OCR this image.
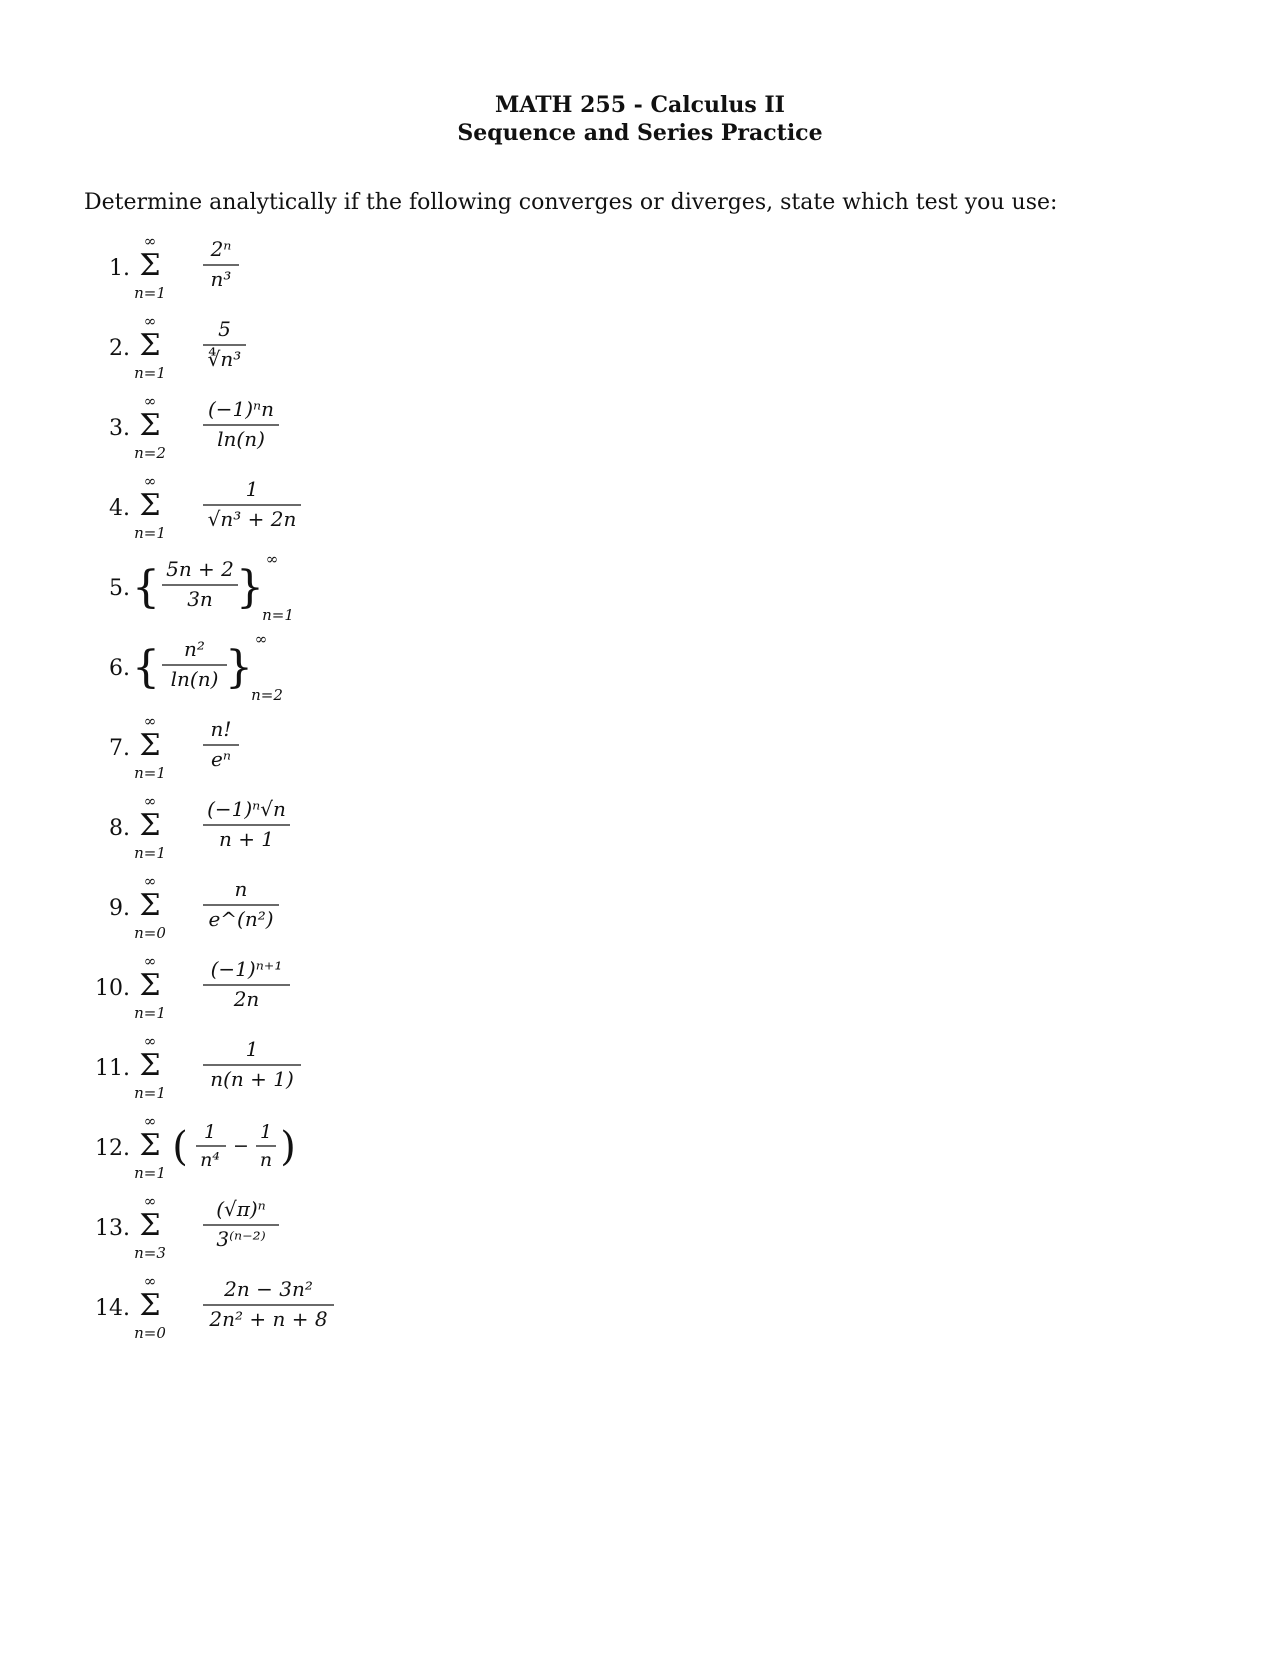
MATH 255 - Calculus II
Sequence and Series Practice
Determine analytically if the following converges or diverges, state which test you use:
1.
∞
Σ
n=1
2ⁿ
n³
2.
∞
Σ
n=1
5
∜n³
3.
∞
Σ
n=2
(−1)ⁿn
ln(n)
4.
∞
Σ
n=1
1
√n³ + 2n
5. { 5n + 2
3n }
∞
n=1
6. { n²
ln(n) }
∞
n=2
7.
∞
Σ
n=1
n!
eⁿ
8.
∞
Σ
n=1
(−1)ⁿ√n
n + 1
9.
∞
Σ
n=0
n
e^(n²)
10.
∞
Σ
n=1
(−1)ⁿ⁺¹
2n
11.
∞
Σ
n=1
1
n(n + 1)
12.
∞
Σ
n=1
( 1
n⁴
−
1
n )
13.
∞
Σ
n=3
(√π)ⁿ
3⁽ⁿ⁻²⁾
14.
∞
Σ
n=0
2n − 3n²
2n² + n + 8
